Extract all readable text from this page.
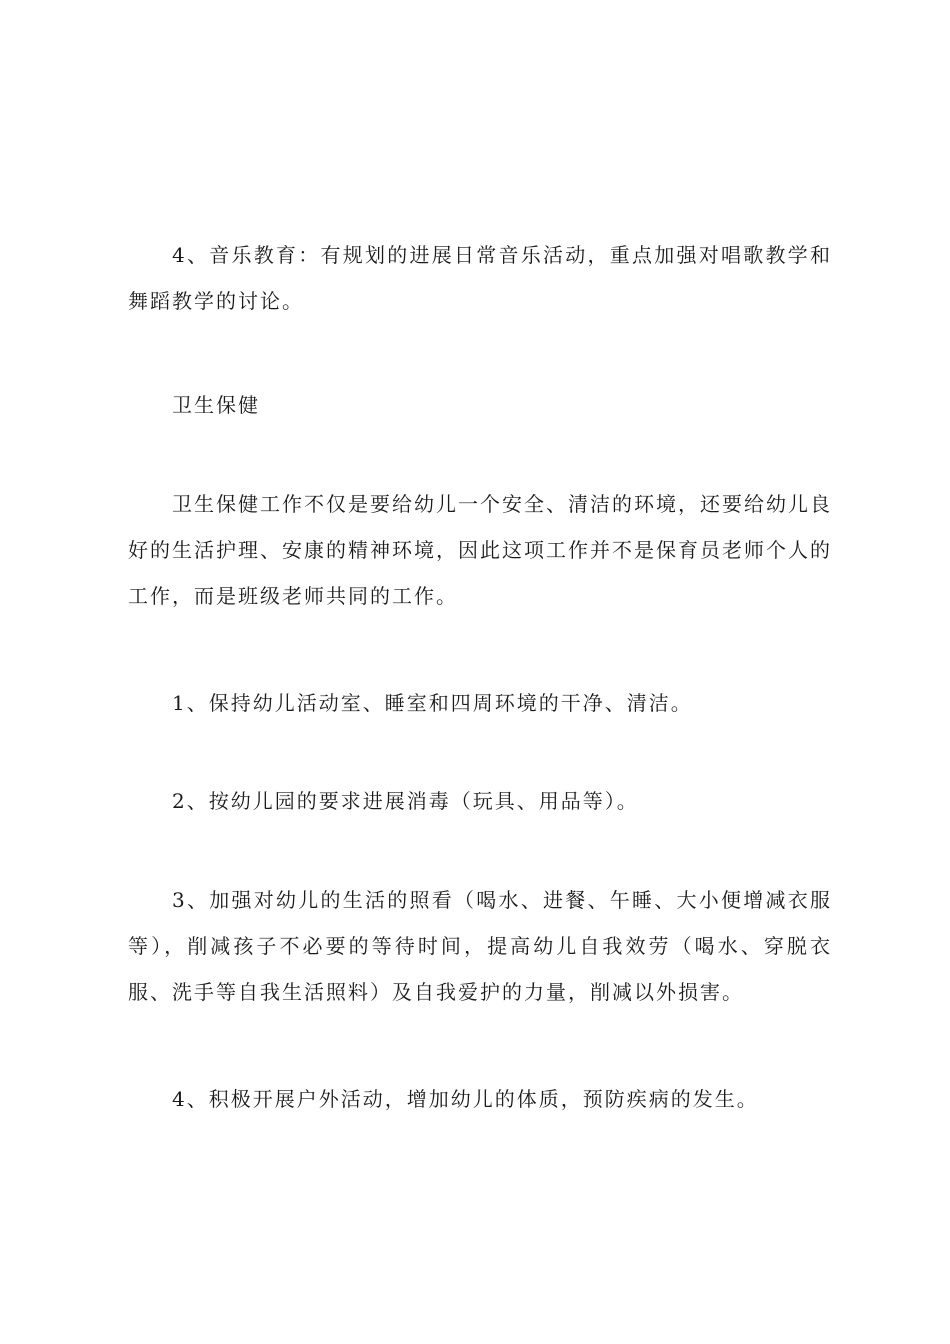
4、音乐教育：有规划的进展日常音乐活动，重点加强对唱歌教学和舞蹈教学的讨论。

卫生保健

卫生保健工作不仅是要给幼儿一个安全、清洁的环境，还要给幼儿良好的生活护理、安康的精神环境，因此这项工作并不是保育员老师个人的工作，而是班级老师共同的工作。

1、保持幼儿活动室、睡室和四周环境的干净、清洁。

2、按幼儿园的要求进展消毒（玩具、用品等）。

3、加强对幼儿的生活的照看（喝水、进餐、午睡、大小便增减衣服等），削减孩子不必要的等待时间，提高幼儿自我效劳（喝水、穿脱衣服、洗手等自我生活照料）及自我爱护的力量，削减以外损害。

4、积极开展户外活动，增加幼儿的体质，预防疾病的发生。
